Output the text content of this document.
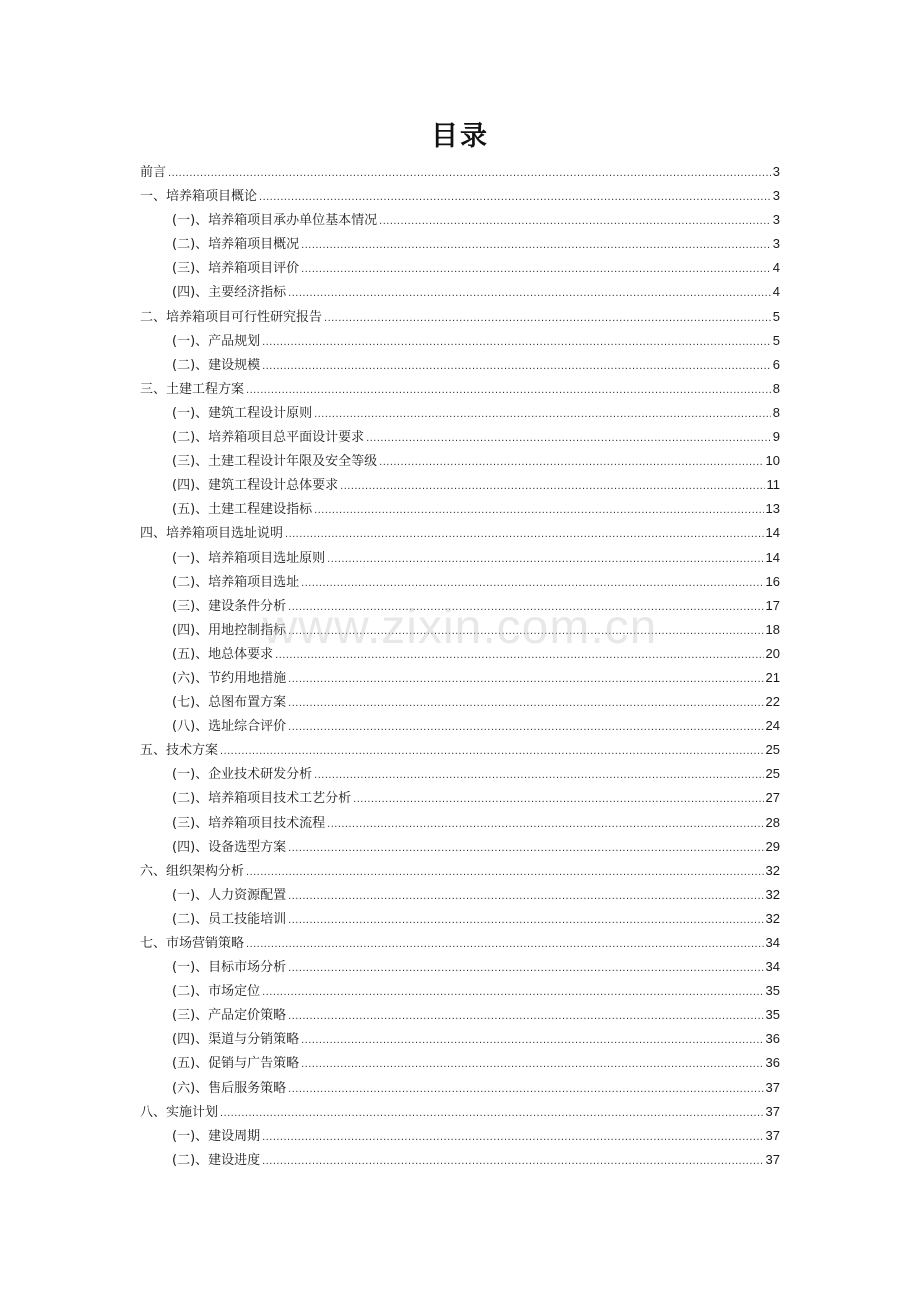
目录
前言 .....	3
一、培养箱项目概论 .....	3
(一)、培养箱项目承办单位基本情况 .....	3
(二)、培养箱项目概况 .....	3
(三)、培养箱项目评价 .....	4
(四)、主要经济指标 .....	4
二、培养箱项目可行性研究报告 .....	5
(一)、产品规划 .....	5
(二)、建设规模 .....	6
三、土建工程方案 .....	8
(一)、建筑工程设计原则 .....	8
(二)、培养箱项目总平面设计要求 .....	9
(三)、土建工程设计年限及安全等级 .....	10
(四)、建筑工程设计总体要求 .....	11
(五)、土建工程建设指标 .....	13
四、培养箱项目选址说明 .....	14
(一)、培养箱项目选址原则 .....	14
(二)、培养箱项目选址 .....	16
(三)、建设条件分析 .....	17
(四)、用地控制指标 .....	18
(五)、地总体要求 .....	20
(六)、节约用地措施 .....	21
(七)、总图布置方案 .....	22
(八)、选址综合评价 .....	24
五、技术方案 .....	25
(一)、企业技术研发分析 .....	25
(二)、培养箱项目技术工艺分析 .....	27
(三)、培养箱项目技术流程 .....	28
(四)、设备选型方案 .....	29
六、组织架构分析 .....	32
(一)、人力资源配置 .....	32
(二)、员工技能培训 .....	32
七、市场营销策略 .....	34
(一)、目标市场分析 .....	34
(二)、市场定位 .....	35
(三)、产品定价策略 .....	35
(四)、渠道与分销策略 .....	36
(五)、促销与广告策略 .....	36
(六)、售后服务策略 .....	37
八、实施计划 .....	37
(一)、建设周期 .....	37
(二)、建设进度 .....	37
www.zixin.com.cn
